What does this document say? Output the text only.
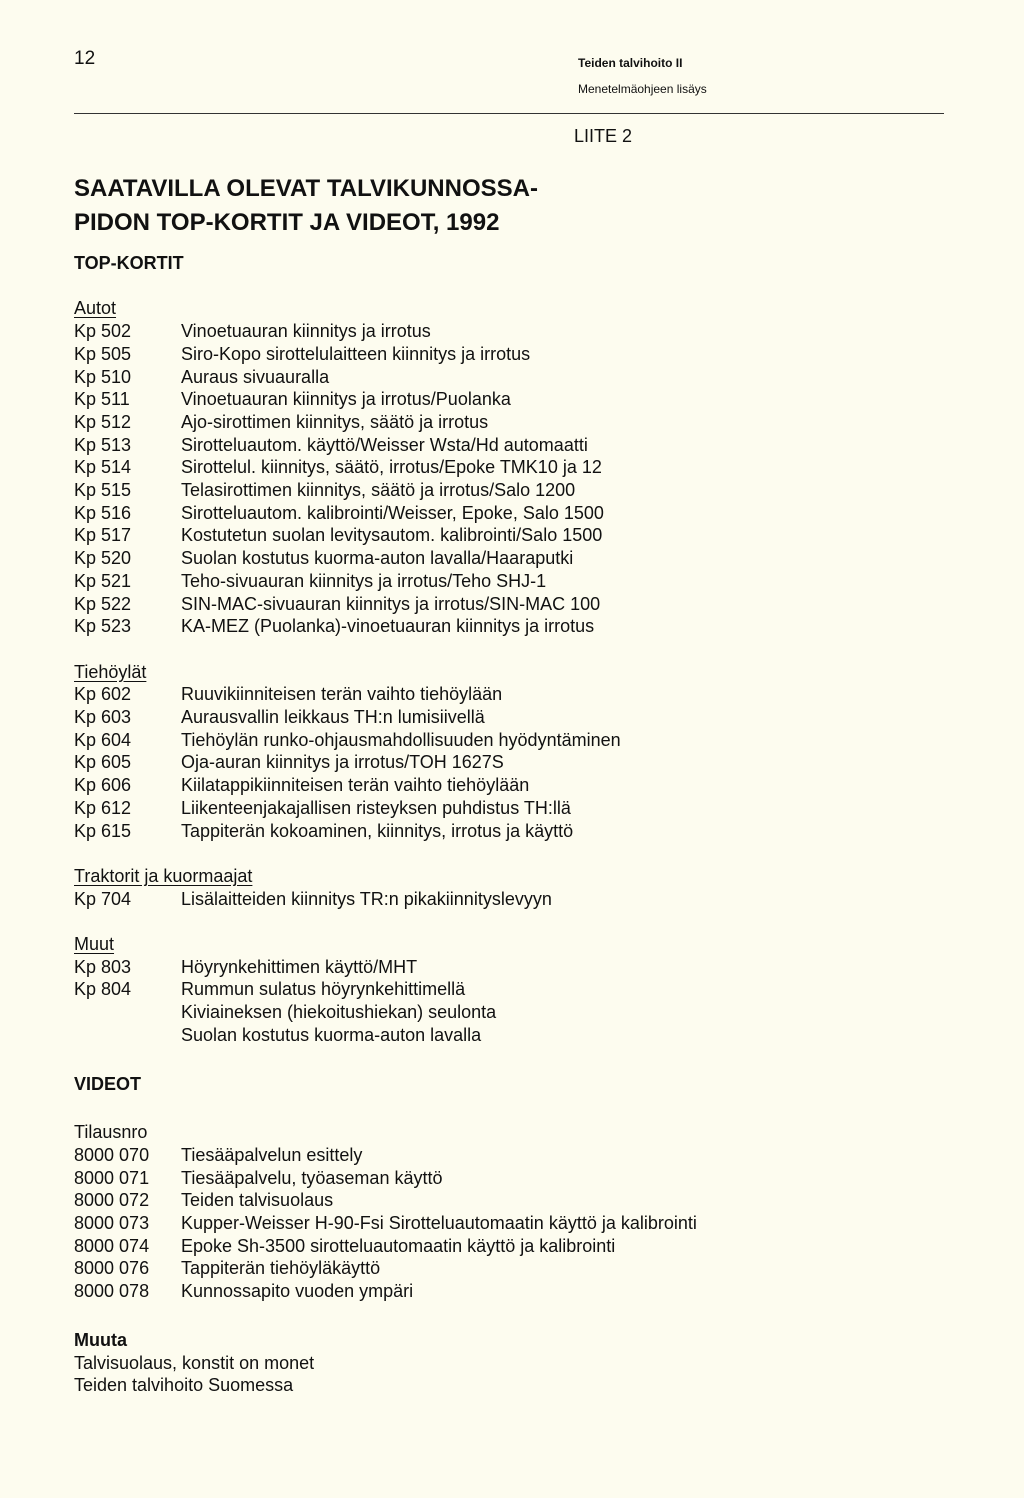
12	Teiden talvihoito II
Menetelmäohjeen lisäys
LIITE 2
SAATAVILLA OLEVAT TALVIKUNNOSSA-
PIDON TOP-KORTIT JA VIDEOT, 1992
TOP-KORTIT
Autot
Kp 502	Vinoetuauran kiinnitys ja irrotus
Kp 505	Siro-Kopo sirottelulaitteen kiinnitys ja irrotus
Kp 510	Auraus sivuauralla
Kp 511	Vinoetuauran kiinnitys ja irrotus/Puolanka
Kp 512	Ajo-sirottimen kiinnitys, säätö ja irrotus
Kp 513	Sirotteluautom. käyttö/Weisser Wsta/Hd automaatti
Kp 514	Sirottelul. kiinnitys, säätö, irrotus/Epoke TMK10 ja 12
Kp 515	Telasirottimen kiinnitys, säätö ja irrotus/Salo 1200
Kp 516	Sirotteluautom. kalibrointi/Weisser, Epoke, Salo 1500
Kp 517	Kostutetun suolan levitysautom. kalibrointi/Salo 1500
Kp 520	Suolan kostutus kuorma-auton lavalla/Haaraputki
Kp 521	Teho-sivuauran kiinnitys ja irrotus/Teho SHJ-1
Kp 522	SIN-MAC-sivuauran kiinnitys ja irrotus/SIN-MAC 100
Kp 523	KA-MEZ (Puolanka)-vinoetuauran kiinnitys ja irrotus
Tiehöylät
Kp 602	Ruuvikiinniteisen terän vaihto tiehöylään
Kp 603	Aurausvallin leikkaus TH:n lumisiivellä
Kp 604	Tiehöylän runko-ohjausmahdollisuuden hyödyntäminen
Kp 605	Oja-auran kiinnitys ja irrotus/TOH 1627S
Kp 606	Kiilatappikiinniteisen terän vaihto tiehöylään
Kp 612	Liikenteenjakajallisen risteyksen puhdistus TH:llä
Kp 615	Tappiterän kokoaminen, kiinnitys, irrotus ja käyttö
Traktorit ja kuormaajat
Kp 704	Lisälaitteiden kiinnitys TR:n pikakiinnityslevyyn
Muut
Kp 803	Höyrynkehittimen käyttö/MHT
Kp 804	Rummun sulatus höyrynkehittimellä
Kiviaineksen (hiekoitushiekan) seulonta
Suolan kostutus kuorma-auton lavalla
VIDEOT
Tilausnro
8000 070	Tiesääpalvelun esittely
8000 071	Tiesääpalvelu, työaseman käyttö
8000 072	Teiden talvisuolaus
8000 073	Kupper-Weisser H-90-Fsi Sirotteluautomaatin käyttö ja kalibrointi
8000 074	Epoke Sh-3500 sirotteluautomaatin käyttö ja kalibrointi
8000 076	Tappiterän tiehöyläkäyttö
8000 078	Kunnossapito vuoden ympäri
Muuta
Talvisuolaus, konstit on monet
Teiden talvihoito Suomessa
